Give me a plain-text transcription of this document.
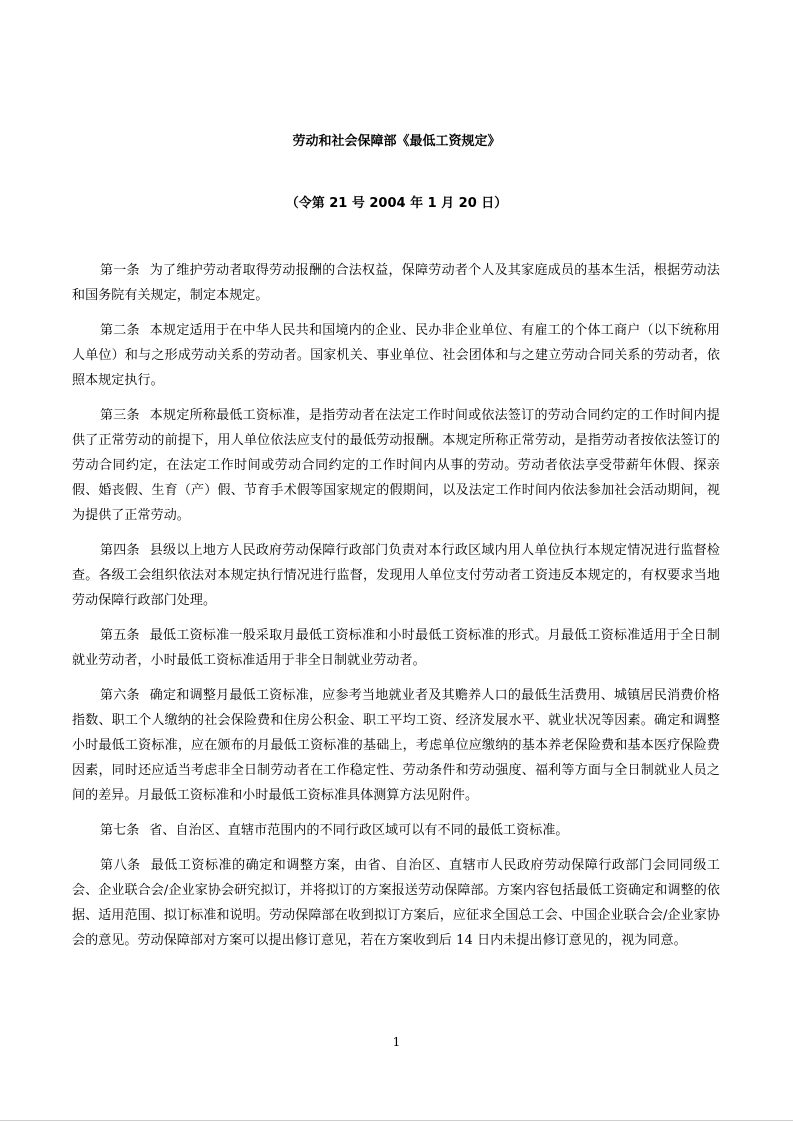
劳动和社会保障部《最低工资规定》
（令第 21 号 2004 年 1 月 20 日）

第一条 为了维护劳动者取得劳动报酬的合法权益，保障劳动者个人及其家庭成员的基本生活，根据劳动法和国务院有关规定，制定本规定。

第二条 本规定适用于在中华人民共和国境内的企业、民办非企业单位、有雇工的个体工商户（以下统称用人单位）和与之形成劳动关系的劳动者。国家机关、事业单位、社会团体和与之建立劳动合同关系的劳动者，依照本规定执行。

第三条 本规定所称最低工资标准，是指劳动者在法定工作时间或依法签订的劳动合同约定的工作时间内提供了正常劳动的前提下，用人单位依法应支付的最低劳动报酬。本规定所称正常劳动，是指劳动者按依法签订的劳动合同约定，在法定工作时间或劳动合同约定的工作时间内从事的劳动。劳动者依法享受带薪年休假、探亲假、婚丧假、生育（产）假、节育手术假等国家规定的假期间，以及法定工作时间内依法参加社会活动期间，视为提供了正常劳动。

第四条 县级以上地方人民政府劳动保障行政部门负责对本行政区域内用人单位执行本规定情况进行监督检查。各级工会组织依法对本规定执行情况进行监督，发现用人单位支付劳动者工资违反本规定的，有权要求当地劳动保障行政部门处理。

第五条 最低工资标准一般采取月最低工资标准和小时最低工资标准的形式。月最低工资标准适用于全日制就业劳动者，小时最低工资标准适用于非全日制就业劳动者。

第六条 确定和调整月最低工资标准，应参考当地就业者及其赡养人口的最低生活费用、城镇居民消费价格指数、职工个人缴纳的社会保险费和住房公积金、职工平均工资、经济发展水平、就业状况等因素。确定和调整小时最低工资标准，应在颁布的月最低工资标准的基础上，考虑单位应缴纳的基本养老保险费和基本医疗保险费因素，同时还应适当考虑非全日制劳动者在工作稳定性、劳动条件和劳动强度、福利等方面与全日制就业人员之间的差异。月最低工资标准和小时最低工资标准具体测算方法见附件。

第七条 省、自治区、直辖市范围内的不同行政区域可以有不同的最低工资标准。

第八条 最低工资标准的确定和调整方案，由省、自治区、直辖市人民政府劳动保障行政部门会同同级工会、企业联合会/企业家协会研究拟订，并将拟订的方案报送劳动保障部。方案内容包括最低工资确定和调整的依据、适用范围、拟订标准和说明。劳动保障部在收到拟订方案后，应征求全国总工会、中国企业联合会/企业家协会的意见。劳动保障部对方案可以提出修订意见，若在方案收到后 14 日内未提出修订意见的，视为同意。

1
